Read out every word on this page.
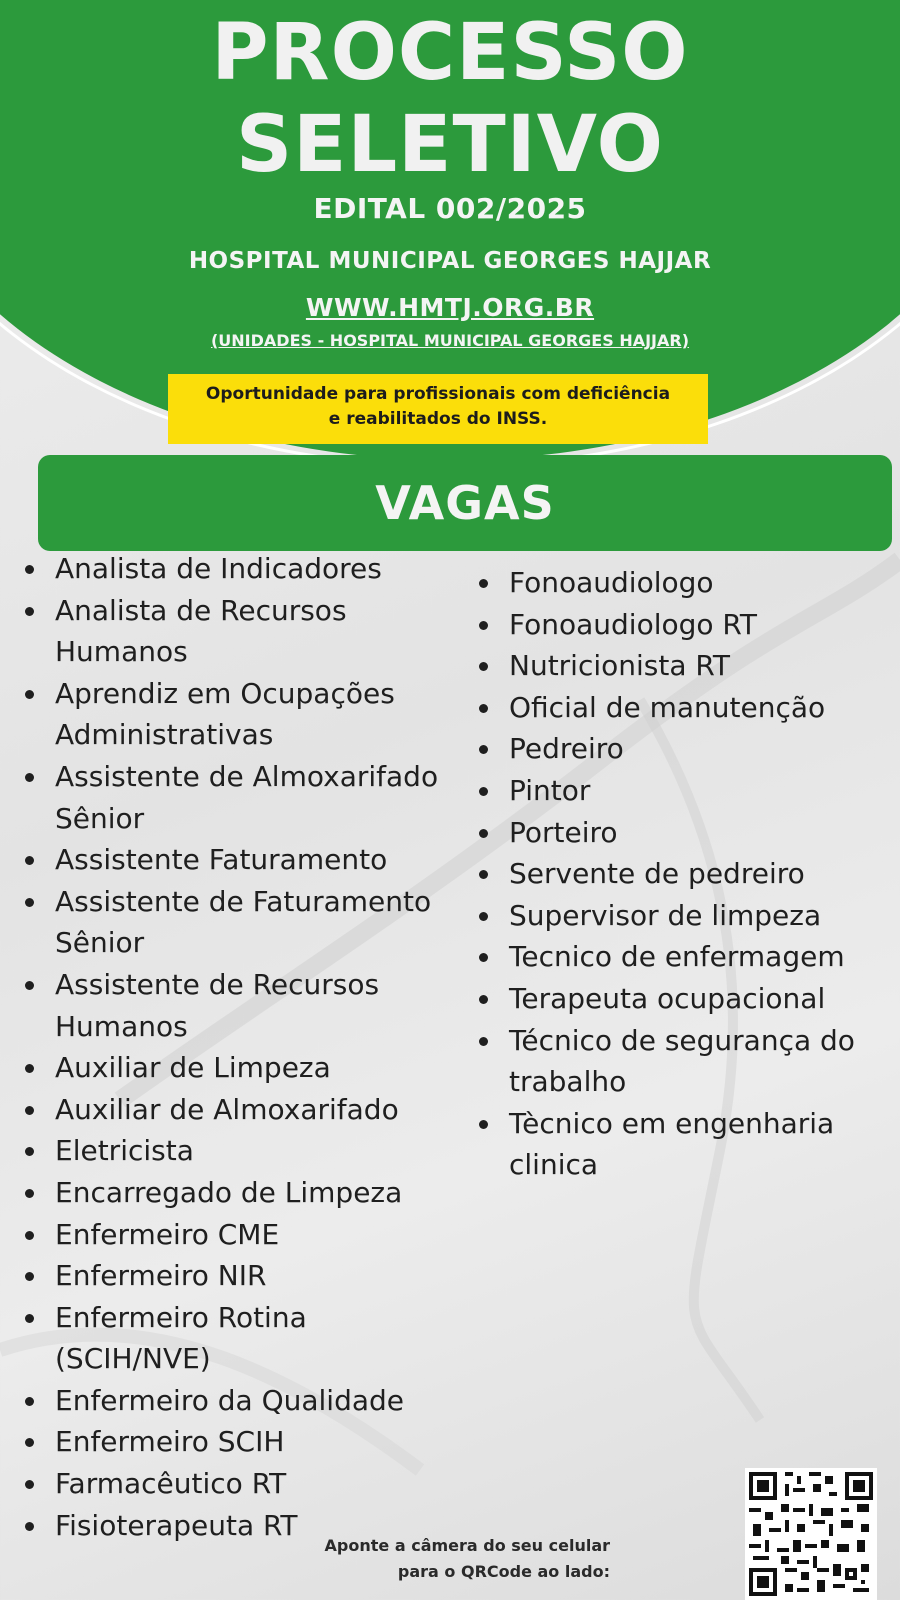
PROCESSO
SELETIVO
EDITAL 002/2025
HOSPITAL MUNICIPAL GEORGES HAJJAR
WWW.HMTJ.ORG.BR
(UNIDADES - HOSPITAL MUNICIPAL GEORGES HAJJAR)
Oportunidade para profissionais com deficiência
e reabilitados do INSS.
VAGAS
Analista de Indicadores
Analista de Recursos Humanos
Aprendiz em Ocupações Administrativas
Assistente de Almoxarifado Sênior
Assistente Faturamento
Assistente de Faturamento Sênior
Assistente de Recursos Humanos
Auxiliar de Limpeza
Auxiliar de Almoxarifado
Eletricista
Encarregado de Limpeza
Enfermeiro CME
Enfermeiro NIR
Enfermeiro Rotina (SCIH/NVE)
Enfermeiro da Qualidade
Enfermeiro SCIH
Farmacêutico RT
Fisioterapeuta RT
Fonoaudiologo
Fonoaudiologo RT
Nutricionista RT
Oficial de manutenção
Pedreiro
Pintor
Porteiro
Servente de pedreiro
Supervisor de limpeza
Tecnico de enfermagem
Terapeuta ocupacional
Técnico de segurança do trabalho
Tècnico em engenharia clinica
Aponte a câmera do seu celular
para o QRCode ao lado:
